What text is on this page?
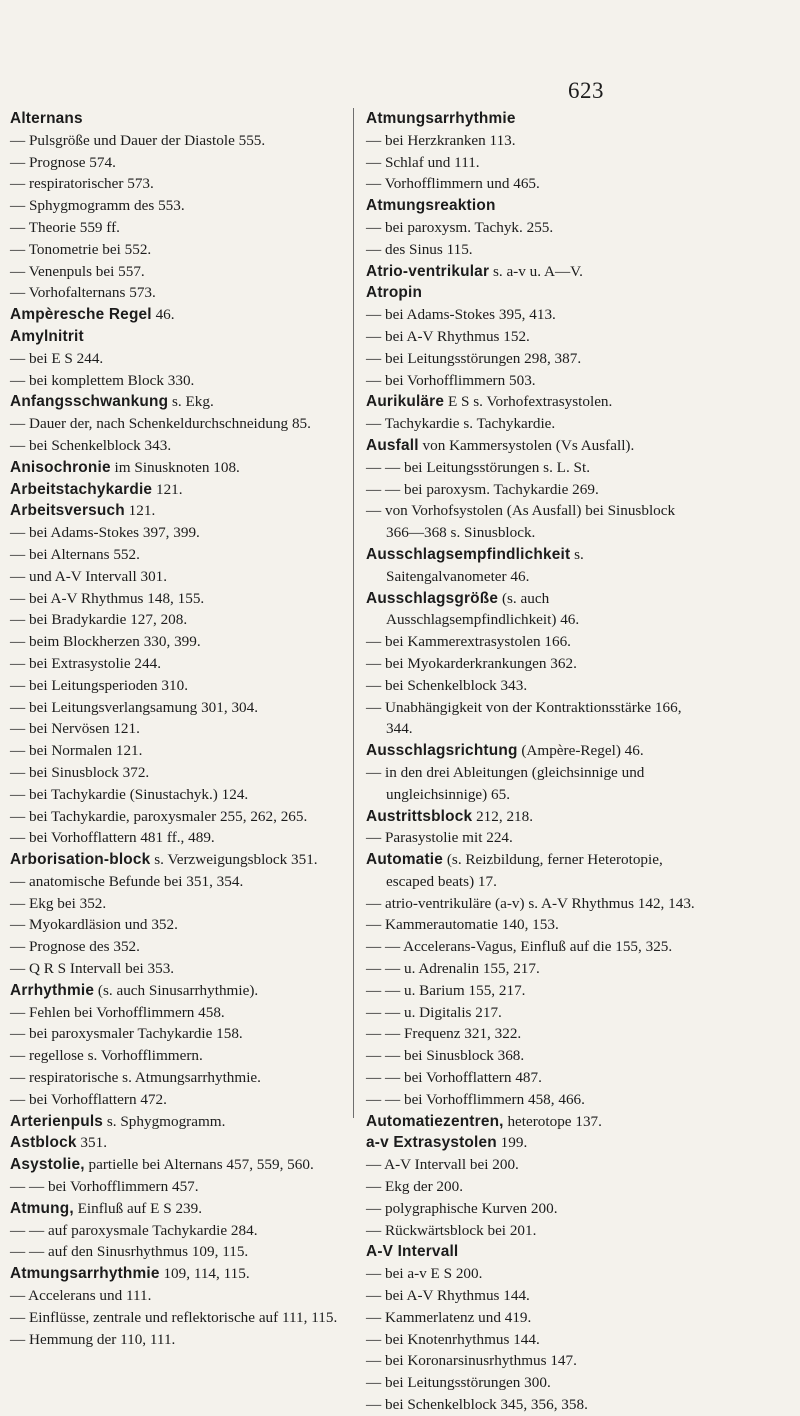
623
Alternans
— Pulsgröße und Dauer der Diastole 555.
— Prognose 574.
— respiratorischer 573.
— Sphygmogramm des 553.
— Theorie 559 ff.
— Tonometrie bei 552.
— Venenpuls bei 557.
— Vorhofalternans 573.
Ampèresche Regel 46.
Amylnitrit
— bei E S 244.
— bei komplettem Block 330.
Anfangsschwankung s. Ekg.
— Dauer der, nach Schenkeldurchschneidung 85.
— bei Schenkelblock 343.
Anisochronie im Sinusknoten 108.
Arbeitstachykardie 121.
Arbeitsversuch 121.
— bei Adams-Stokes 397, 399.
— bei Alternans 552.
— und A-V Intervall 301.
— bei A-V Rhythmus 148, 155.
— bei Bradykardie 127, 208.
— beim Blockherzen 330, 399.
— bei Extrasystolie 244.
— bei Leitungsperioden 310.
— bei Leitungsverlangsamung 301, 304.
— bei Nervösen 121.
— bei Normalen 121.
— bei Sinusblock 372.
— bei Tachykardie (Sinustachyk.) 124.
— bei Tachykardie, paroxysmaler 255, 262, 265.
— bei Vorhofflattern 481 ff., 489.
Arborisation-block s. Verzweigungsblock 351.
— anatomische Befunde bei 351, 354.
— Ekg bei 352.
— Myokardläsion und 352.
— Prognose des 352.
— Q R S Intervall bei 353.
Arrhythmie (s. auch Sinusarrhythmie).
— Fehlen bei Vorhofflimmern 458.
— bei paroxysmaler Tachykardie 158.
— regellose s. Vorhofflimmern.
— respiratorische s. Atmungsarrhythmie.
— bei Vorhofflattern 472.
Arterienpuls s. Sphygmogramm.
Astblock 351.
Asystolie, partielle bei Alternans 457, 559, 560.
— — bei Vorhofflimmern 457.
Atmung, Einfluß auf E S 239.
— — auf paroxysmale Tachykardie 284.
— — auf den Sinusrhythmus 109, 115.
Atmungsarrhythmie 109, 114, 115.
— Accelerans und 111.
— Einflüsse, zentrale und reflektorische auf 111, 115.
— Hemmung der 110, 111.
Atmungsarrhythmie
— bei Herzkranken 113.
— Schlaf und 111.
— Vorhofflimmern und 465.
Atmungsreaktion
— bei paroxysm. Tachyk. 255.
— des Sinus 115.
Atrio-ventrikular s. a-v u. A—V.
Atropin
— bei Adams-Stokes 395, 413.
— bei A-V Rhythmus 152.
— bei Leitungsstörungen 298, 387.
— bei Vorhofflimmern 503.
Aurikuläre E S s. Vorhofextrasystolen.
— Tachykardie s. Tachykardie.
Ausfall von Kammersystolen (Vs Ausfall).
— — bei Leitungsstörungen s. L. St.
— — bei paroxysm. Tachykardie 269.
— von Vorhofsystolen (As Ausfall) bei Sinusblock 366—368 s. Sinusblock.
Ausschlagsempfindlichkeit s. Saitengalvanometer 46.
Ausschlagsgröße (s. auch Ausschlagsempfindlichkeit) 46.
— bei Kammerextrasystolen 166.
— bei Myokarderkrankungen 362.
— bei Schenkelblock 343.
— Unabhängigkeit von der Kontraktionsstärke 166, 344.
Ausschlagsrichtung (Ampère-Regel) 46.
— in den drei Ableitungen (gleichsinnige und ungleichsinnige) 65.
Austrittsblock 212, 218.
— Parasystolie mit 224.
Automatie (s. Reizbildung, ferner Heterotopie, escaped beats) 17.
— atrio-ventrikuläre (a-v) s. A-V Rhythmus 142, 143.
— Kammerautomatie 140, 153.
— — Accelerans-Vagus, Einfluß auf die 155, 325.
— — u. Adrenalin 155, 217.
— — u. Barium 155, 217.
— — u. Digitalis 217.
— — Frequenz 321, 322.
— — bei Sinusblock 368.
— — bei Vorhofflattern 487.
— — bei Vorhofflimmern 458, 466.
Automatiezentren, heterotope 137.
a-v Extrasystolen 199.
— A-V Intervall bei 200.
— Ekg der 200.
— polygraphische Kurven 200.
— Rückwärtsblock bei 201.
A-V Intervall
— bei a-v E S 200.
— bei A-V Rhythmus 144.
— Kammerlatenz und 419.
— bei Knotenrhythmus 144.
— bei Koronarsinusrhythmus 147.
— bei Leitungsstörungen 300.
— bei Schenkelblock 345, 356, 358.
